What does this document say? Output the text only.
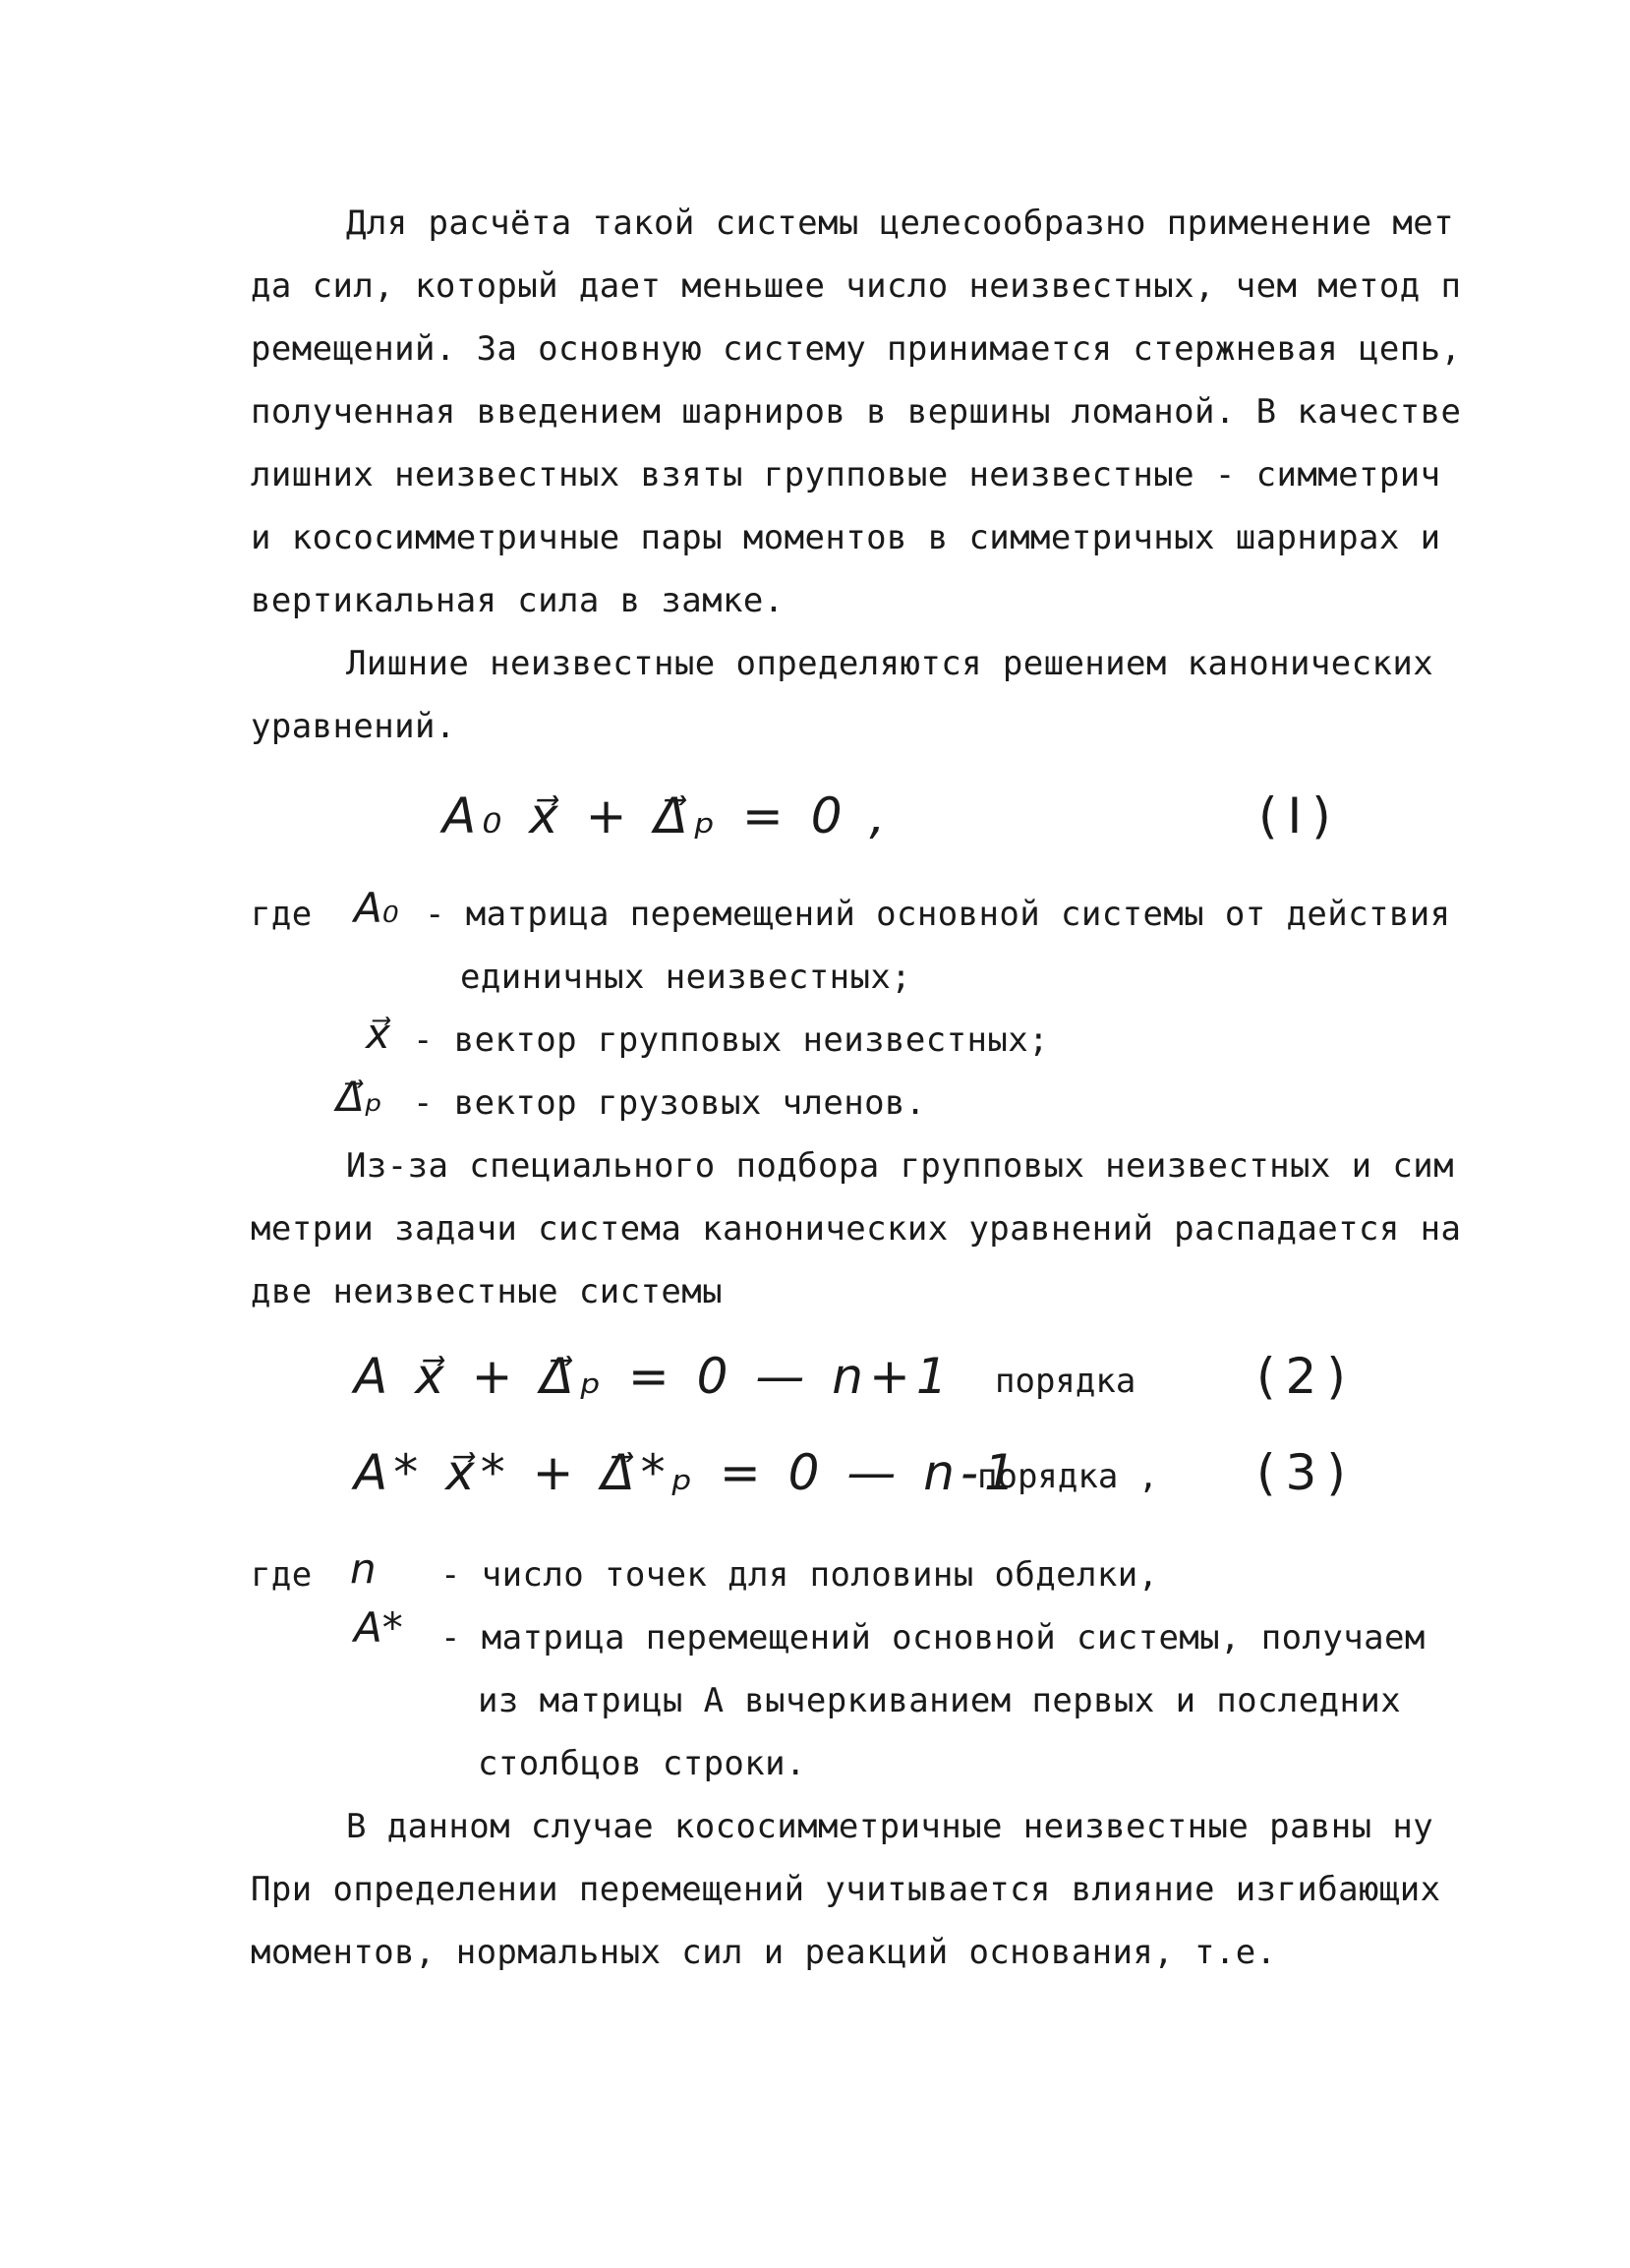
Для расчёта такой системы целесообразно применение мет
да сил, который дает меньшее число неизвестных, чем метод п
ремещений. За основную систему принимается стержневая цепь,
полученная введением шарниров в вершины ломаной. В качестве
лишних неизвестных взяты групповые неизвестные - симметрич
и кососимметричные пары моментов в симметричных шарнирах и
вертикальная сила в замке.
Лишние неизвестные определяются решением канонических
уравнений.
A₀ x⃗ + Δ⃗ₚ = 0 ,	(I)
где A₀ - матрица перемещений основной системы от действия
единичных неизвестных;
x⃗ - вектор групповых неизвестных;
Δ⃗ₚ - вектор грузовых членов.
Из-за специального подбора групповых неизвестных и сим
метрии задачи система канонических уравнений распадается на
две неизвестные системы
A x⃗ + Δ⃗ₚ = 0 — n+1 порядка (2)
A* x⃗* + Δ⃗*ₚ = 0 — n-1
порядка , (3)
где n - число точек для половины обделки,
A* - матрица перемещений основной системы, получаем
из матрицы A вычеркиванием первых и последних
столбцов строки.
В данном случае кососимметричные неизвестные равны ну
При определении перемещений учитывается влияние изгибающих
моментов, нормальных сил и реакций основания, т.е.
